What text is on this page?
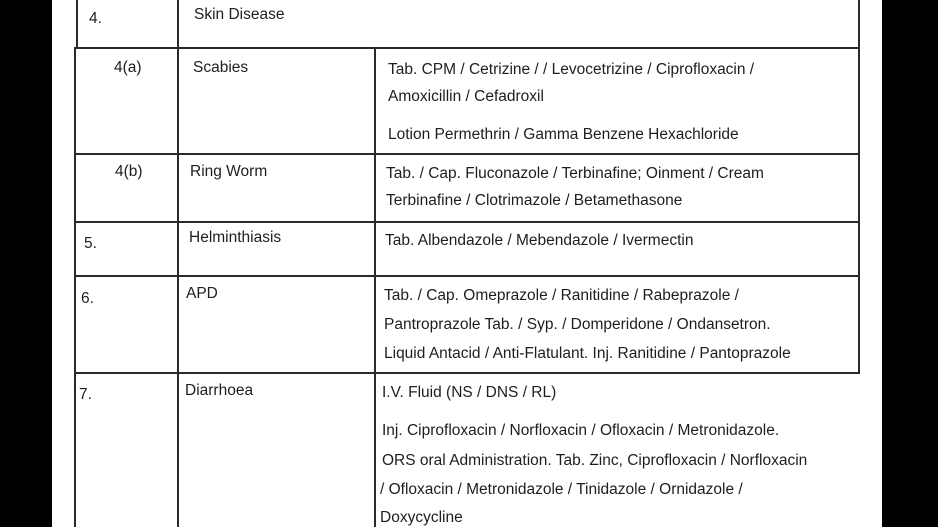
4.	Skin Disease
4(a)	Scabies	Tab. CPM / Cetrizine / / Levocetrizine / Ciprofloxacin /
Amoxicillin / Cefadroxil
Lotion Permethrin / Gamma Benzene Hexachloride
4(b)	Ring Worm	Tab. / Cap. Fluconazole / Terbinafine; Oinment / Cream
Terbinafine / Clotrimazole / Betamethasone
5.	Helminthiasis	Tab. Albendazole / Mebendazole / Ivermectin
6.	APD	Tab. / Cap. Omeprazole / Ranitidine / Rabeprazole /
Pantroprazole Tab. / Syp. / Domperidone / Ondansetron.
Liquid Antacid / Anti-Flatulant. Inj. Ranitidine / Pantoprazole
7.	Diarrhoea	I.V. Fluid (NS / DNS / RL)
Inj. Ciprofloxacin / Norfloxacin / Ofloxacin / Metronidazole.
ORS oral Administration. Tab. Zinc, Ciprofloxacin / Norfloxacin
/ Ofloxacin / Metronidazole / Tinidazole / Ornidazole /
Doxycycline
